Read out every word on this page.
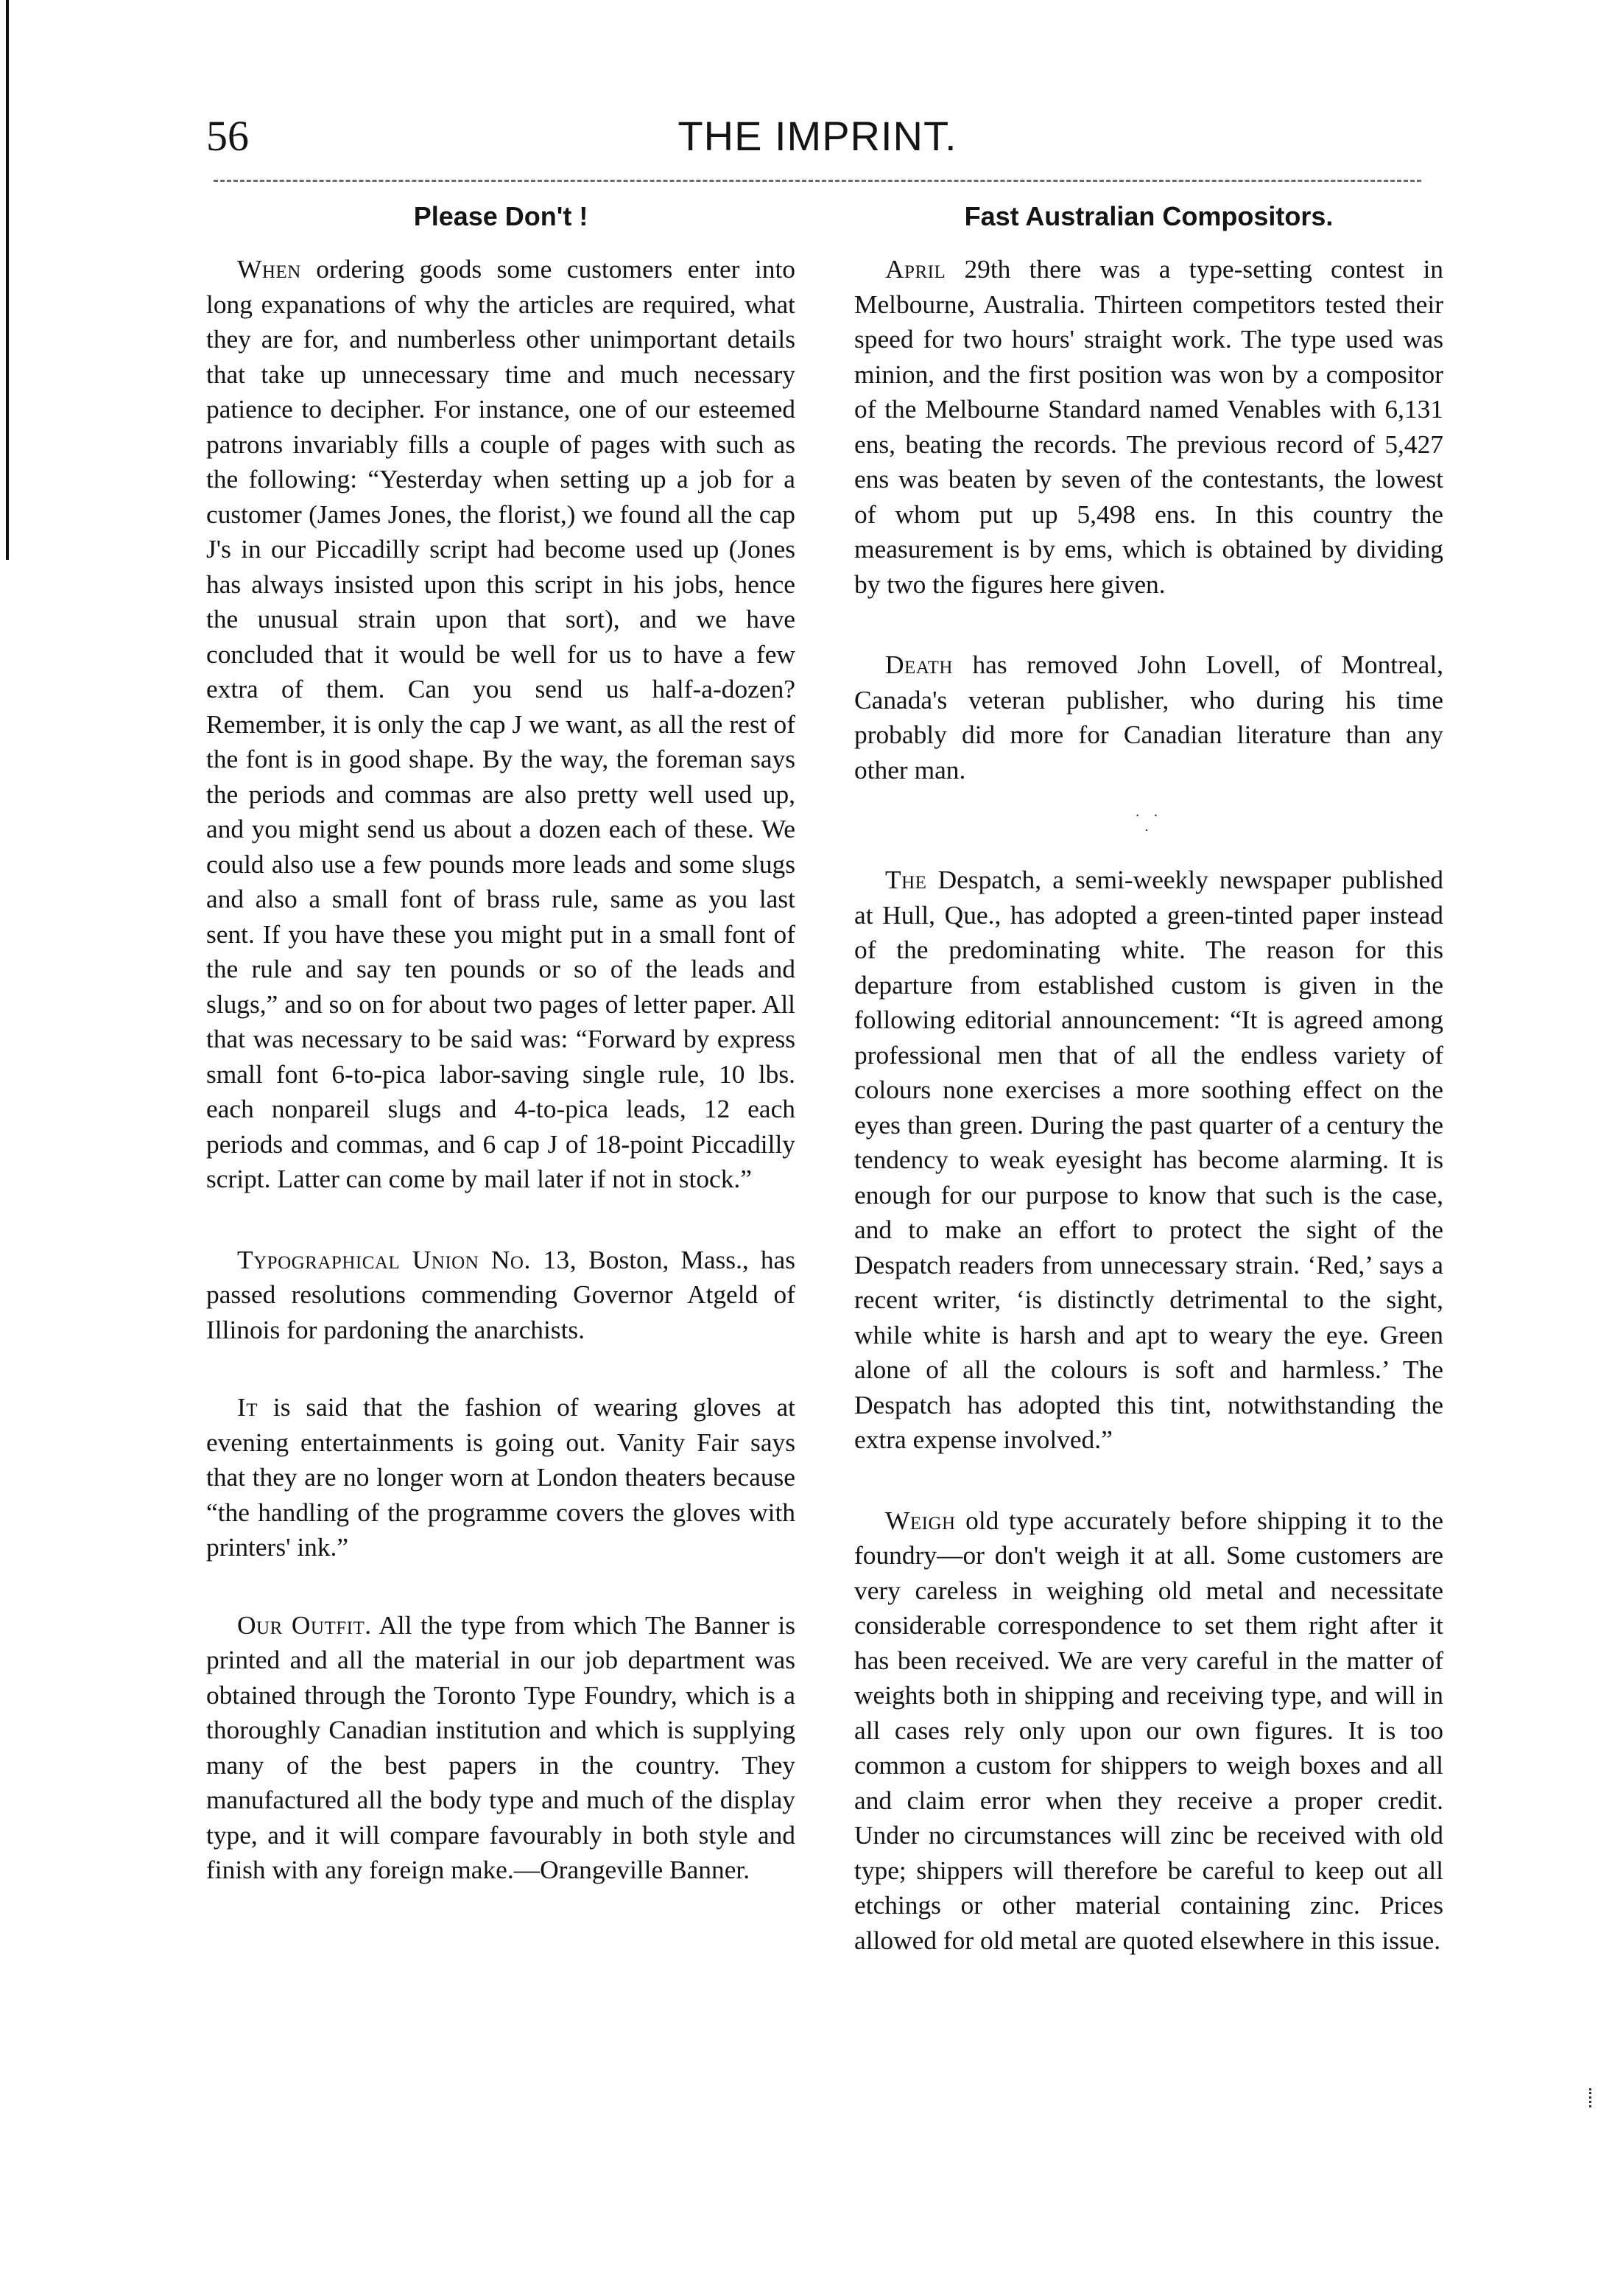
56	THE IMPRINT.
Please Don't !

When ordering goods some customers enter into long expanations of why the articles are required, what they are for, and numberless other unimportant details that take up unnecessary time and much necessary patience to decipher. For instance, one of our esteemed patrons invariably fills a couple of pages with such as the following: “Yesterday when setting up a job for a customer (James Jones, the florist,) we found all the cap J's in our Piccadilly script had become used up (Jones has always insisted upon this script in his jobs, hence the unusual strain upon that sort), and we have concluded that it would be well for us to have a few extra of them. Can you send us half-a-dozen? Remember, it is only the cap J we want, as all the rest of the font is in good shape. By the way, the foreman says the periods and commas are also pretty well used up, and you might send us about a dozen each of these. We could also use a few pounds more leads and some slugs and also a small font of brass rule, same as you last sent. If you have these you might put in a small font of the rule and say ten pounds or so of the leads and slugs,” and so on for about two pages of letter paper. All that was necessary to be said was: “Forward by express small font 6-to-pica labor-saving single rule, 10 lbs. each nonpareil slugs and 4-to-pica leads, 12 each periods and commas, and 6 cap J of 18-point Piccadilly script. Latter can come by mail later if not in stock.”

Typographical Union No. 13, Boston, Mass., has passed resolutions commending Governor Atgeld of Illinois for pardoning the anarchists.

It is said that the fashion of wearing gloves at evening entertainments is going out. Vanity Fair says that they are no longer worn at London theaters because “the handling of the programme covers the gloves with printers' ink.”

Our Outfit. All the type from which The Banner is printed and all the material in our job department was obtained through the Toronto Type Foundry, which is a thoroughly Canadian institution and which is supplying many of the best papers in the country. They manufactured all the body type and much of the display type, and it will compare favourably in both style and finish with any foreign make.—Orangeville Banner.

Fast Australian Compositors.

April 29th there was a type-setting contest in Melbourne, Australia. Thirteen competitors tested their speed for two hours' straight work. The type used was minion, and the first position was won by a compositor of the Melbourne Standard named Venables with 6,131 ens, beating the records. The previous record of 5,427 ens was beaten by seven of the contestants, the lowest of whom put up 5,498 ens. In this country the measurement is by ems, which is obtained by dividing by two the figures here given.

Death has removed John Lovell, of Montreal, Canada's veteran publisher, who during his time probably did more for Canadian literature than any other man.

. . .

The Despatch, a semi-weekly newspaper published at Hull, Que., has adopted a green-tinted paper instead of the predominating white. The reason for this departure from established custom is given in the following editorial announcement: “It is agreed among professional men that of all the endless variety of colours none exercises a more soothing effect on the eyes than green. During the past quarter of a century the tendency to weak eyesight has become alarming. It is enough for our purpose to know that such is the case, and to make an effort to protect the sight of the Despatch readers from unnecessary strain. ‘Red,’ says a recent writer, ‘is distinctly detrimental to the sight, while white is harsh and apt to weary the eye. Green alone of all the colours is soft and harmless.’ The Despatch has adopted this tint, notwithstanding the extra expense involved.”

Weigh old type accurately before shipping it to the foundry—or don't weigh it at all. Some customers are very careless in weighing old metal and necessitate considerable correspondence to set them right after it has been received. We are very careful in the matter of weights both in shipping and receiving type, and will in all cases rely only upon our own figures. It is too common a custom for shippers to weigh boxes and all and claim error when they receive a proper credit. Under no circumstances will zinc be received with old type; shippers will therefore be careful to keep out all etchings or other material containing zinc. Prices allowed for old metal are quoted elsewhere in this issue.
